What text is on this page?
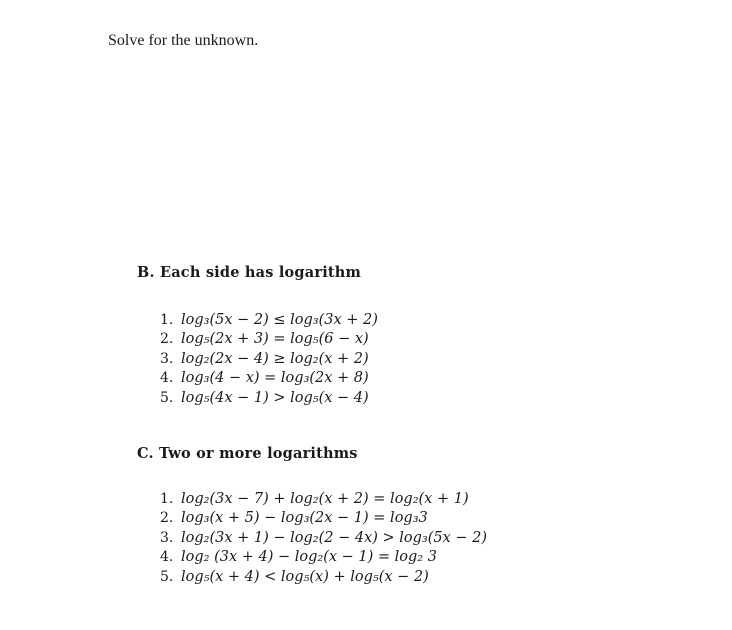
Solve for the unknown.
B. Each side has logarithm
1. log₃(5x − 2) ≤ log₃(3x + 2)
2. log₅(2x + 3) = log₅(6 − x)
3. log₂(2x − 4) ≥ log₂(x + 2)
4. log₃(4 − x) = log₃(2x + 8)
5. log₅(4x − 1) > log₅(x − 4)
C. Two or more logarithms
1. log₂(3x − 7) + log₂(x + 2) = log₂(x + 1)
2. log₃(x + 5) − log₃(2x − 1) = log₃3
3. log₂(3x + 1) − log₂(2 − 4x) > log₃(5x − 2)
4. log₂ (3x + 4) − log₂(x − 1) = log₂ 3
5. log₅(x + 4) < log₅(x) + log₅(x − 2)
